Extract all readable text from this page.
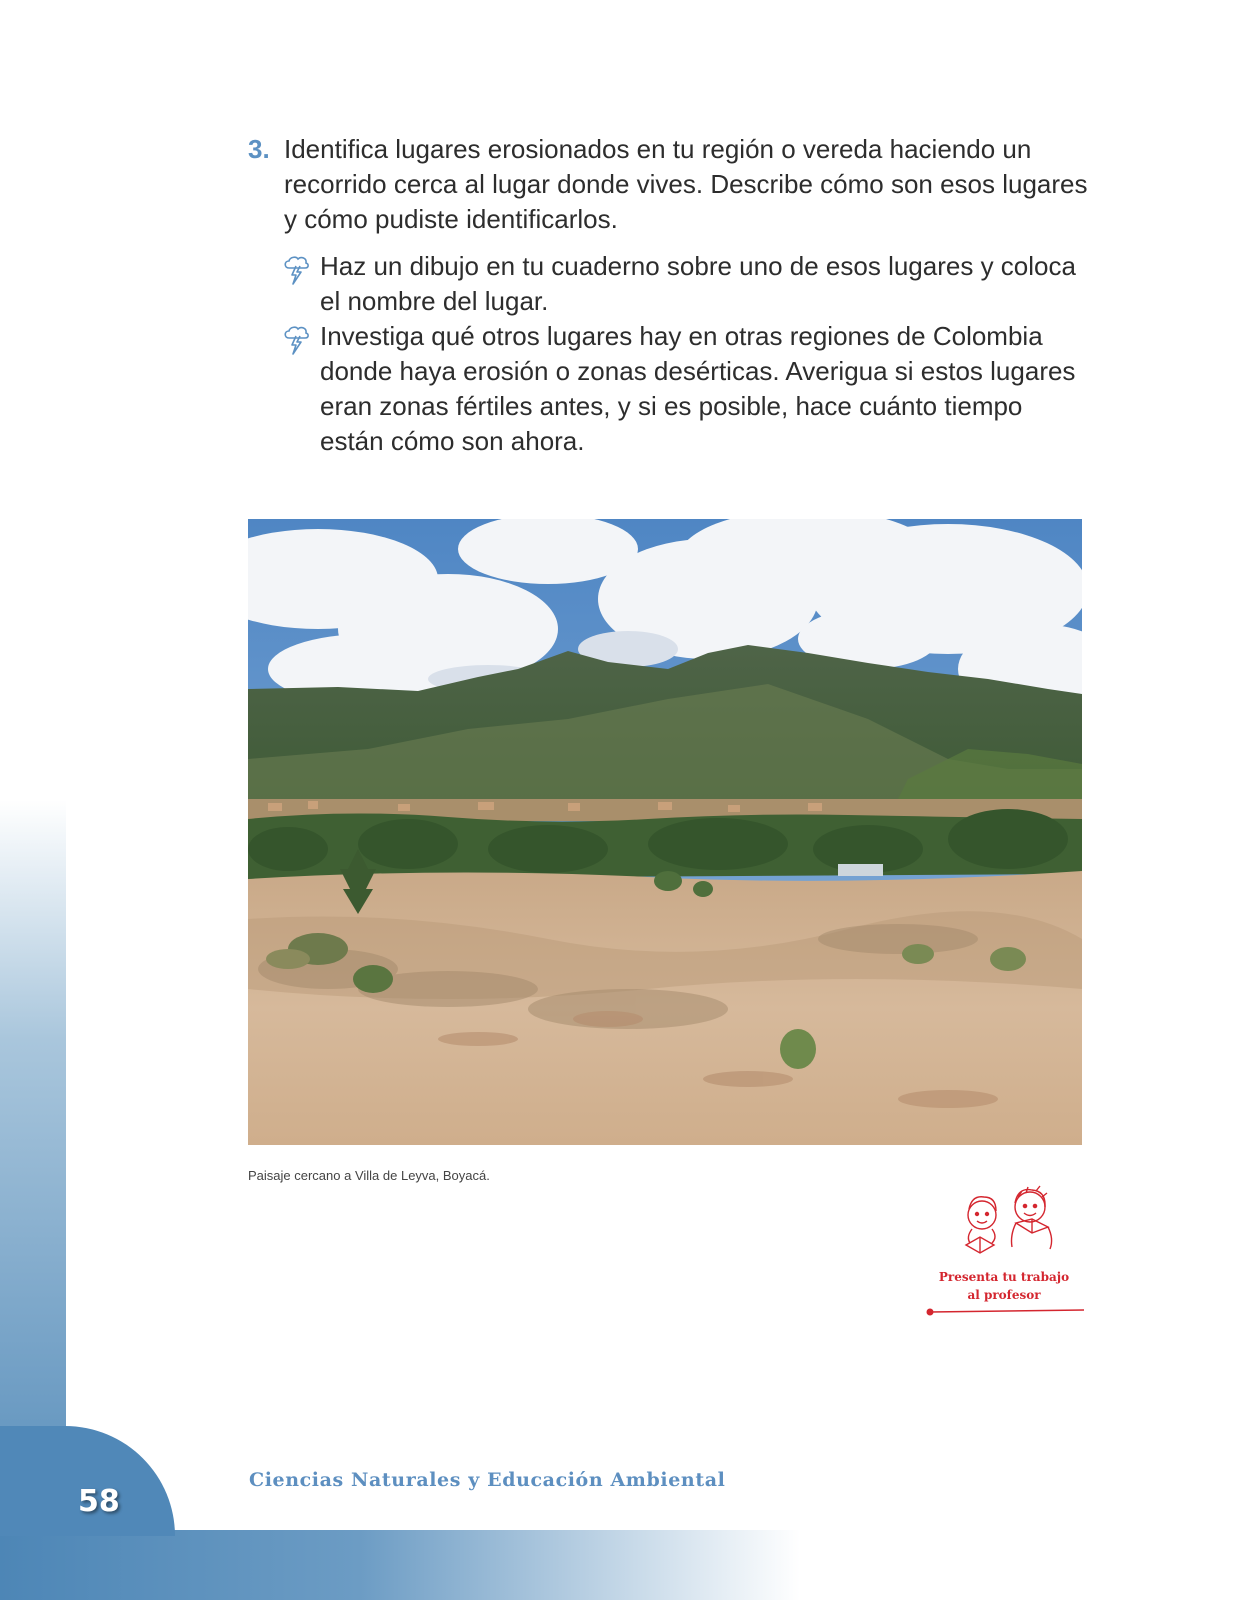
3. Identifica lugares erosionados en tu región o vereda haciendo un recorrido cerca al lugar donde vives. Describe cómo son esos lugares y cómo pudiste identificarlos.

Haz un dibujo en tu cuaderno sobre uno de esos lugares y coloca el nombre del lugar.
Investiga qué otros lugares hay en otras regiones de Colombia donde haya erosión o zonas desérticas. Averigua si estos lugares eran zonas fértiles antes, y si es posible, hace cuánto tiempo están cómo son ahora.

Paisaje cercano a Villa de Leyva, Boyacá.

Presenta tu trabajo
al profesor

58

Ciencias Naturales y Educación Ambiental
